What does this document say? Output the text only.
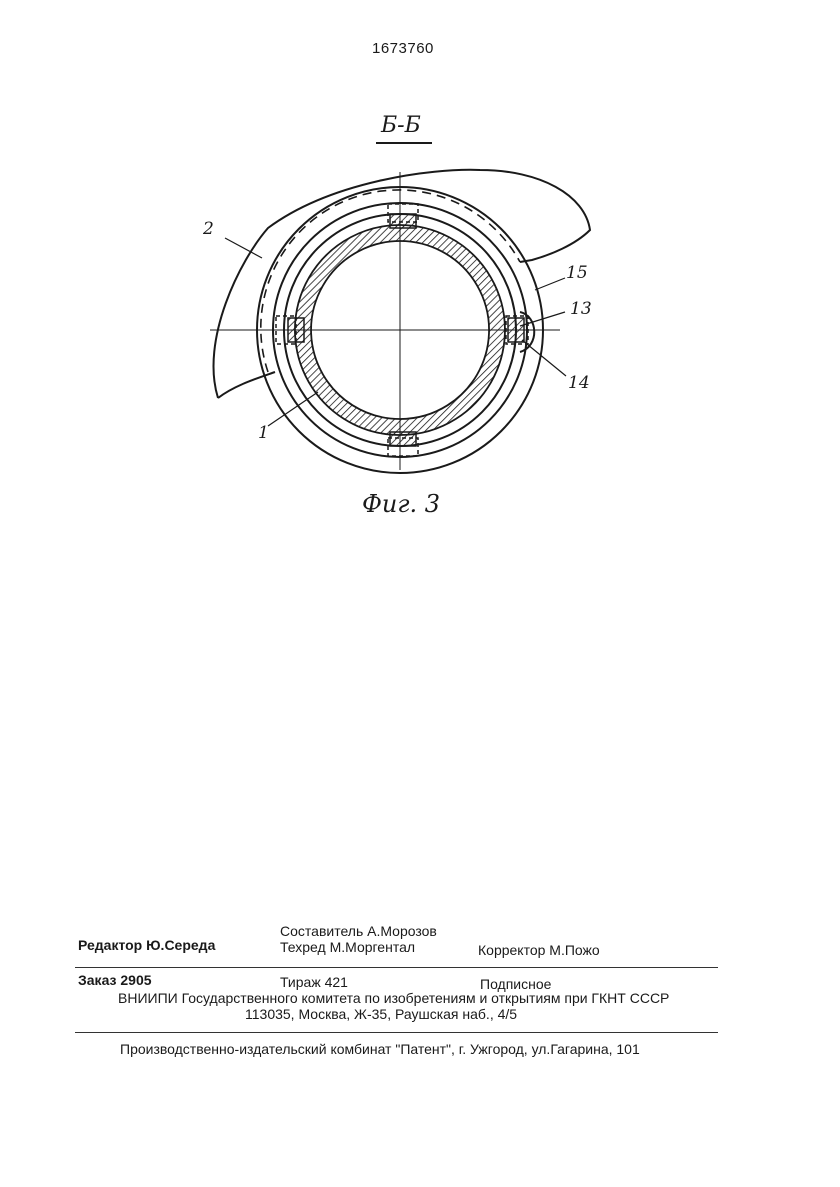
1673760
Б-Б
2
15
13
14
1
Фиг. 3
Составитель А.Морозов
Редактор Ю.Середа	Техред М.Моргентал	Корректор М.Пожо
Заказ 2905	Тираж 421	Подписное
ВНИИПИ Государственного комитета по изобретениям и открытиям при ГКНТ СССР
113035, Москва, Ж-35, Раушская наб., 4/5
Производственно-издательский комбинат "Патент", г. Ужгород, ул.Гагарина, 101
